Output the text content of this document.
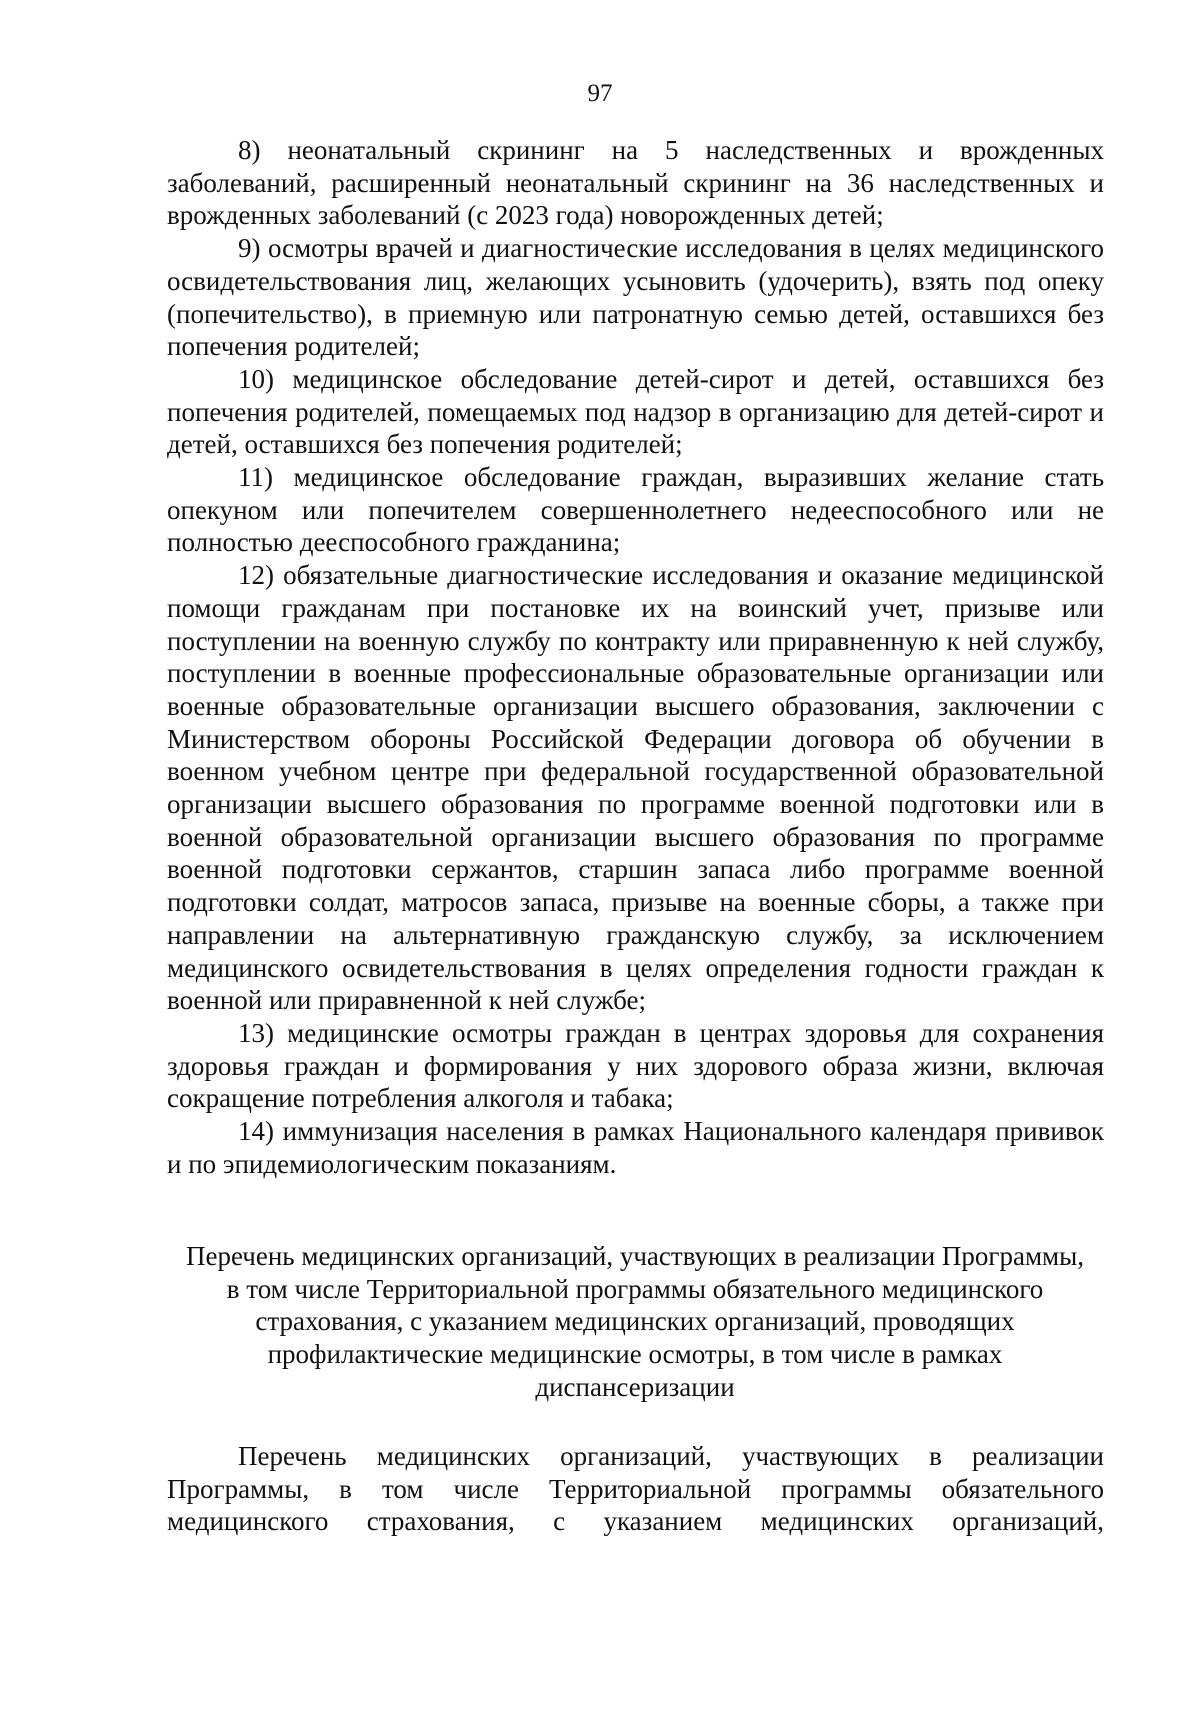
97

8) неонатальный скрининг на 5 наследственных и врожденных заболеваний, расширенный неонатальный скрининг на 36 наследственных и врожденных заболеваний (с 2023 года) новорожденных детей;

9) осмотры врачей и диагностические исследования в целях медицинского освидетельствования лиц, желающих усыновить (удочерить), взять под опеку (попечительство), в приемную или патронатную семью детей, оставшихся без попечения родителей;

10) медицинское обследование детей-сирот и детей, оставшихся без попечения родителей, помещаемых под надзор в организацию для детей-сирот и детей, оставшихся без попечения родителей;

11) медицинское обследование граждан, выразивших желание стать опекуном или попечителем совершеннолетнего недееспособного или не полностью дееспособного гражданина;

12) обязательные диагностические исследования и оказание медицинской помощи гражданам при постановке их на воинский учет, призыве или поступлении на военную службу по контракту или приравненную к ней службу, поступлении в военные профессиональные образовательные организации или военные образовательные организации высшего образования, заключении с Министерством обороны Российской Федерации договора об обучении в военном учебном центре при федеральной государственной образовательной организации высшего образования по программе военной подготовки или в военной образовательной организации высшего образования по программе военной подготовки сержантов, старшин запаса либо программе военной подготовки солдат, матросов запаса, призыве на военные сборы, а также при направлении на альтернативную гражданскую службу, за исключением медицинского освидетельствования в целях определения годности граждан к военной или приравненной к ней службе;

13) медицинские осмотры граждан в центрах здоровья для сохранения здоровья граждан и формирования у них здорового образа жизни, включая сокращение потребления алкоголя и табака;

14) иммунизация населения в рамках Национального календаря прививок и по эпидемиологическим показаниям.

Перечень медицинских организаций, участвующих в реализации Программы,
в том числе Территориальной программы обязательного медицинского
страхования, с указанием медицинских организаций, проводящих
профилактические медицинские осмотры, в том числе в рамках
диспансеризации

Перечень медицинских организаций, участвующих в реализации Программы, в том числе Территориальной программы обязательного медицинского страхования, с указанием медицинских организаций,
